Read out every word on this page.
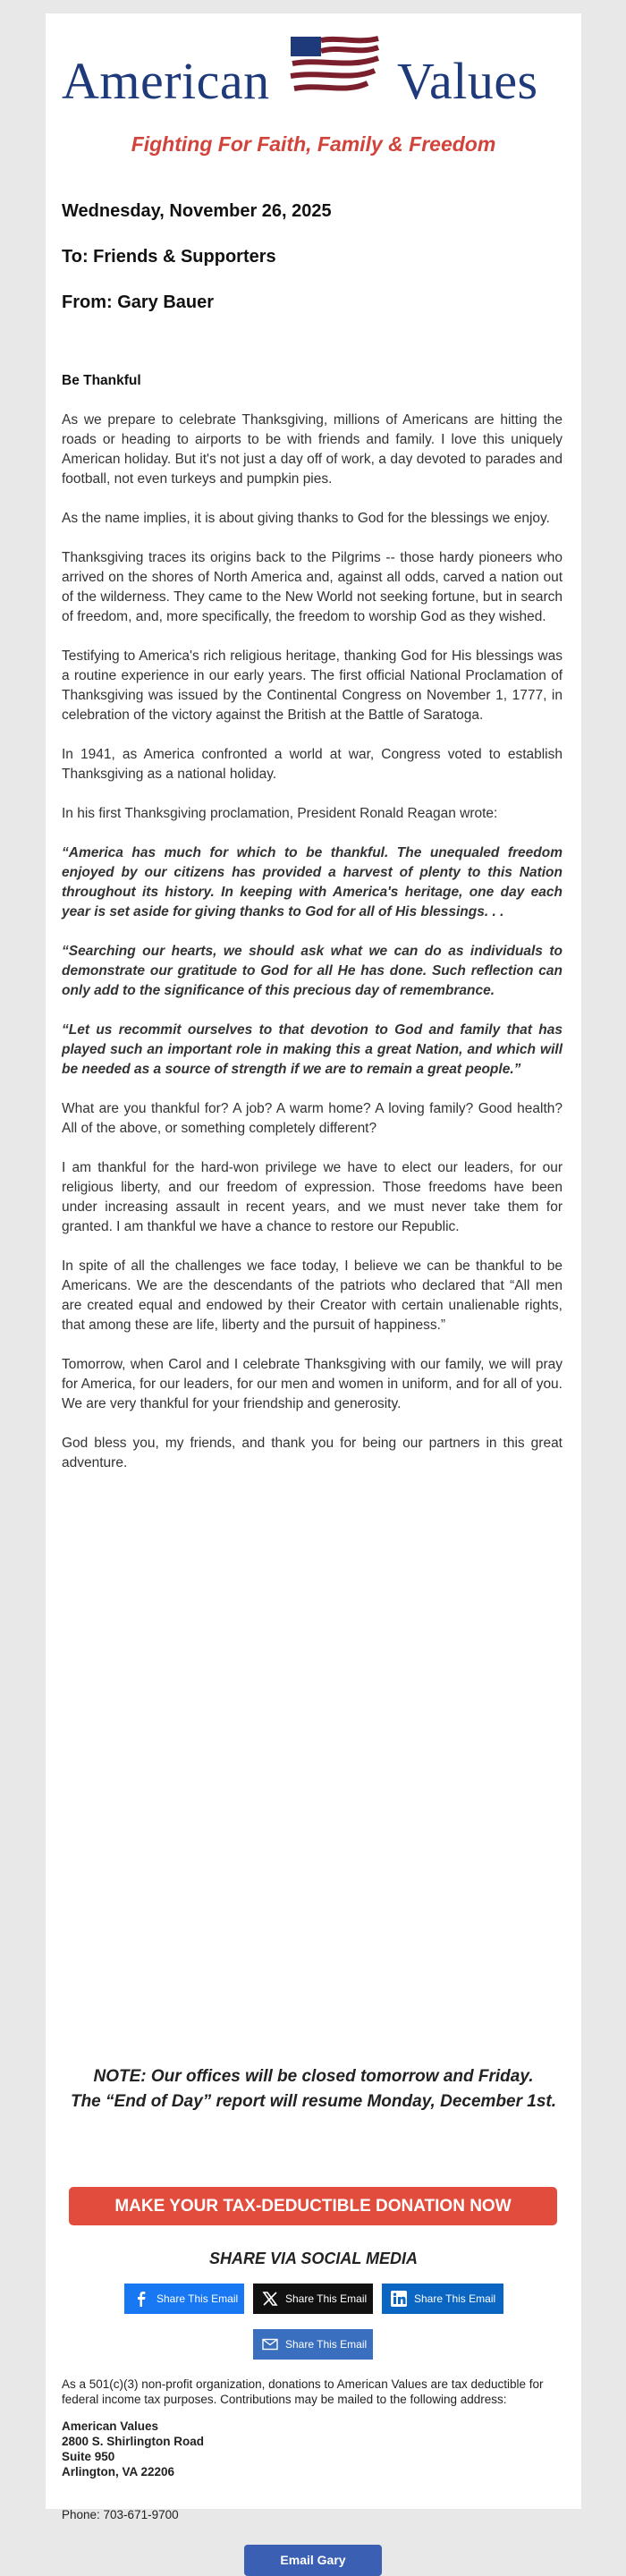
American Values
Fighting For Faith, Family & Freedom
Wednesday, November 26, 2025
To: Friends & Supporters
From: Gary Bauer

Be Thankful

As we prepare to celebrate Thanksgiving, millions of Americans are hitting the roads or heading to airports to be with friends and family. I love this uniquely American holiday. But it's not just a day off of work, a day devoted to parades and football, not even turkeys and pumpkin pies.

As the name implies, it is about giving thanks to God for the blessings we enjoy.

Thanksgiving traces its origins back to the Pilgrims -- those hardy pioneers who arrived on the shores of North America and, against all odds, carved a nation out of the wilderness. They came to the New World not seeking fortune, but in search of freedom, and, more specifically, the freedom to worship God as they wished.

Testifying to America's rich religious heritage, thanking God for His blessings was a routine experience in our early years. The first official National Proclamation of Thanksgiving was issued by the Continental Congress on November 1, 1777, in celebration of the victory against the British at the Battle of Saratoga.

In 1941, as America confronted a world at war, Congress voted to establish Thanksgiving as a national holiday.

In his first Thanksgiving proclamation, President Ronald Reagan wrote:

“America has much for which to be thankful. The unequaled freedom enjoyed by our citizens has provided a harvest of plenty to this Nation throughout its history. In keeping with America's heritage, one day each year is set aside for giving thanks to God for all of His blessings. . .

“Searching our hearts, we should ask what we can do as individuals to demonstrate our gratitude to God for all He has done. Such reflection can only add to the significance of this precious day of remembrance.

“Let us recommit ourselves to that devotion to God and family that has played such an important role in making this a great Nation, and which will be needed as a source of strength if we are to remain a great people.”

What are you thankful for? A job? A warm home? A loving family? Good health? All of the above, or something completely different?

I am thankful for the hard-won privilege we have to elect our leaders, for our religious liberty, and our freedom of expression. Those freedoms have been under increasing assault in recent years, and we must never take them for granted. I am thankful we have a chance to restore our Republic.

In spite of all the challenges we face today, I believe we can be thankful to be Americans. We are the descendants of the patriots who declared that “All men are created equal and endowed by their Creator with certain unalienable rights, that among these are life, liberty and the pursuit of happiness.”

Tomorrow, when Carol and I celebrate Thanksgiving with our family, we will pray for America, for our leaders, for our men and women in uniform, and for all of you. We are very thankful for your friendship and generosity.

God bless you, my friends, and thank you for being our partners in this great adventure.

NOTE: Our offices will be closed tomorrow and Friday.
The “End of Day” report will resume Monday, December 1st.
MAKE YOUR TAX-DEDUCTIBLE DONATION NOW
SHARE VIA SOCIAL MEDIA
Share This Email	Share This Email	Share This Email
Share This Email
As a 501(c)(3) non-profit organization, donations to American Values are tax deductible for federal income tax purposes. Contributions may be mailed to the following address:
American Values
2800 S. Shirlington Road
Suite 950
Arlington, VA 22206
Phone: 703-671-9700
Email Gary
